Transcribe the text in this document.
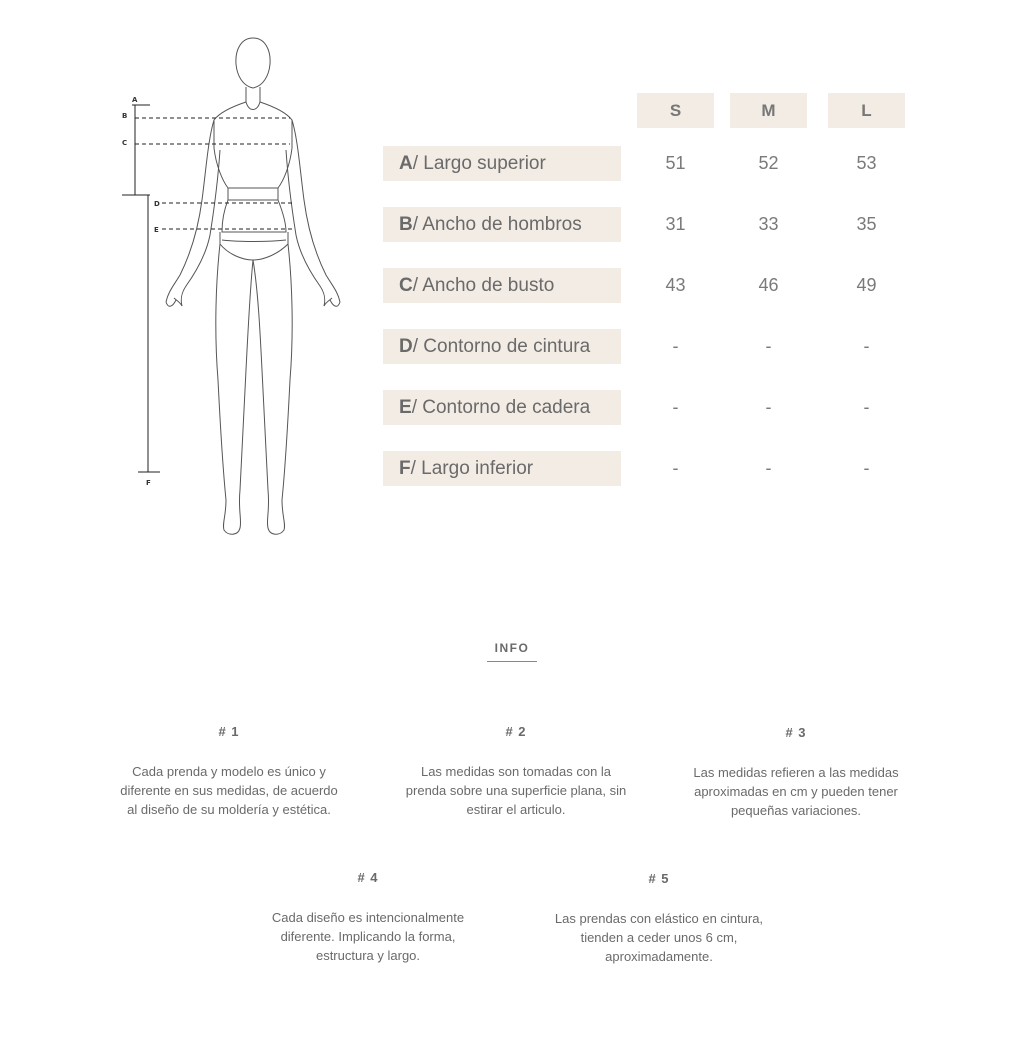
A
B
C
D
E
F
S	M	L
A / Largo superior	51	52	53
B / Ancho de hombros	31	33	35
C / Ancho de busto	43	46	49
D / Contorno de cintura	-	-	-
E / Contorno de cadera	-	-	-
F / Largo inferior	-	-	-
INFO
# 1
Cada prenda y modelo es único y
diferente en sus medidas, de acuerdo
al diseño de su moldería y estética.
# 2
Las medidas son tomadas con la
prenda sobre una superficie plana, sin
estirar el articulo.
# 3
Las medidas refieren a las medidas
aproximadas en cm y pueden tener
pequeñas variaciones.
# 4
Cada diseño es intencionalmente
diferente. Implicando la forma,
estructura y largo.
# 5
Las prendas con elástico en cintura,
tienden a ceder unos 6 cm,
aproximadamente.
